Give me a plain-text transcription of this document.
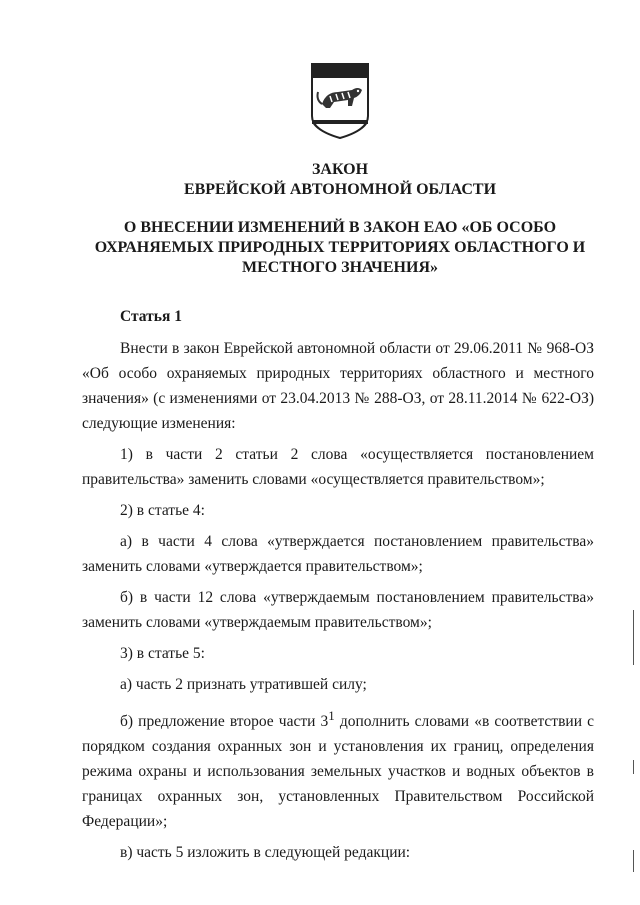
ЗАКОН
ЕВРЕЙСКОЙ АВТОНОМНОЙ ОБЛАСТИ
О ВНЕСЕНИИ ИЗМЕНЕНИЙ В ЗАКОН ЕАО «ОБ ОСОБО
ОХРАНЯЕМЫХ ПРИРОДНЫХ ТЕРРИТОРИЯХ ОБЛАСТНОГО И
МЕСТНОГО ЗНАЧЕНИЯ»
Статья 1

Внести в закон Еврейской автономной области от 29.06.2011 № 968-ОЗ «Об особо охраняемых природных территориях областного и местного значения» (с изменениями от 23.04.2013 № 288-ОЗ, от 28.11.2014 № 622-ОЗ) следующие изменения:

1) в части 2 статьи 2 слова «осуществляется постановлением правительства» заменить словами «осуществляется правительством»;

2) в статье 4:

а) в части 4 слова «утверждается постановлением правительства» заменить словами «утверждается правительством»;

б) в части 12 слова «утверждаемым постановлением правительства» заменить словами «утверждаемым правительством»;

3) в статье 5:

а) часть 2 признать утратившей силу;

б) предложение второе части $3^1$ дополнить словами «в соответствии с порядком создания охранных зон и установления их границ, определения режима охраны и использования земельных участков и водных объектов в границах охранных зон, установленных Правительством Российской Федерации»;

в) часть 5 изложить в следующей редакции:
